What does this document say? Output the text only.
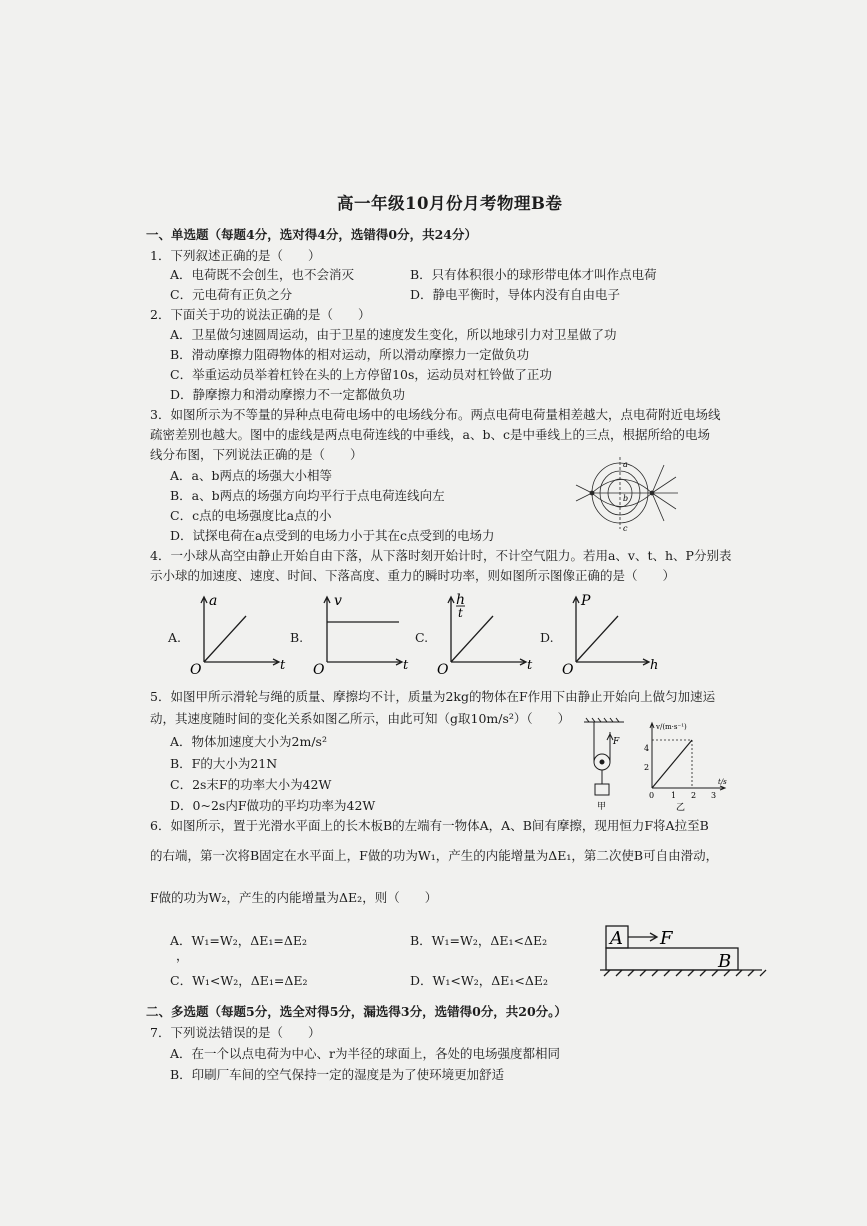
高一年级10月份月考物理B卷
一、单选题（每题4分，选对得4分，选错得0分，共24分）
1．下列叙述正确的是（　　）
A．电荷既不会创生，也不会消灭	B．只有体积很小的球形带电体才叫作点电荷
C．元电荷有正负之分	D．静电平衡时，导体内没有自由电子
2．下面关于功的说法正确的是（　　）
A．卫星做匀速圆周运动，由于卫星的速度发生变化，所以地球引力对卫星做了功
B．滑动摩擦力阻碍物体的相对运动，所以滑动摩擦力一定做负功
C．举重运动员举着杠铃在头的上方停留10s，运动员对杠铃做了正功
D．静摩擦力和滑动摩擦力不一定都做负功
3．如图所示为不等量的异种点电荷电场中的电场线分布。两点电荷电荷量相差越大，点电荷附近电场线
疏密差别也越大。图中的虚线是两点电荷连线的中垂线，a、b、c是中垂线上的三点，根据所给的电场
线分布图，下列说法正确的是（　　）
A．a、b两点的场强大小相等
B．a、b两点的场强方向均平行于点电荷连线向左
C．c点的电场强度比a点的小
D．试探电荷在a点受到的电场力小于其在c点受到的电场力
a
b
c
4．一小球从高空由静止开始自由下落，从下落时刻开始计时，不计空气阻力。若用a、v、t、h、P分别表
示小球的加速度、速度、时间、下落高度、重力的瞬时功率，则如图所示图像正确的是（　　）
A.
a
O	t
B.
v
O	t
C.
h
t
O	t
D.
P
O	h
5．如图甲所示滑轮与绳的质量、摩擦均不计，质量为2kg的物体在F作用下由静止开始向上做匀加速运
动，其速度随时间的变化关系如图乙所示，由此可知（g取10m/s²）（　　）
A．物体加速度大小为2m/s²
B．F的大小为21N
C．2s末F的功率大小为42W
D．0~2s内F做功的平均功率为42W
F
甲
v/(m·s⁻¹)
t/s
4
2
0 1 2 3
乙
6．如图所示，置于光滑水平面上的长木板B的左端有一物体A，A、B间有摩擦，现用恒力F将A拉至B
的右端，第一次将B固定在水平面上，F做的功为W₁，产生的内能增量为ΔE₁，第二次使B可自由滑动，
F做的功为W₂，产生的内能增量为ΔE₂，则（　　）
A．W₁=W₂，ΔE₁=ΔE₂	B．W₁=W₂，ΔE₁<ΔE₂
，
C．W₁<W₂，ΔE₁=ΔE₂	D．W₁<W₂，ΔE₁<ΔE₂
A F
B
二、多选题（每题5分，选全对得5分，漏选得3分，选错得0分，共20分。）
7．下列说法错误的是（　　）
A．在一个以点电荷为中心、r为半径的球面上，各处的电场强度都相同
B．印刷厂车间的空气保持一定的湿度是为了使环境更加舒适
